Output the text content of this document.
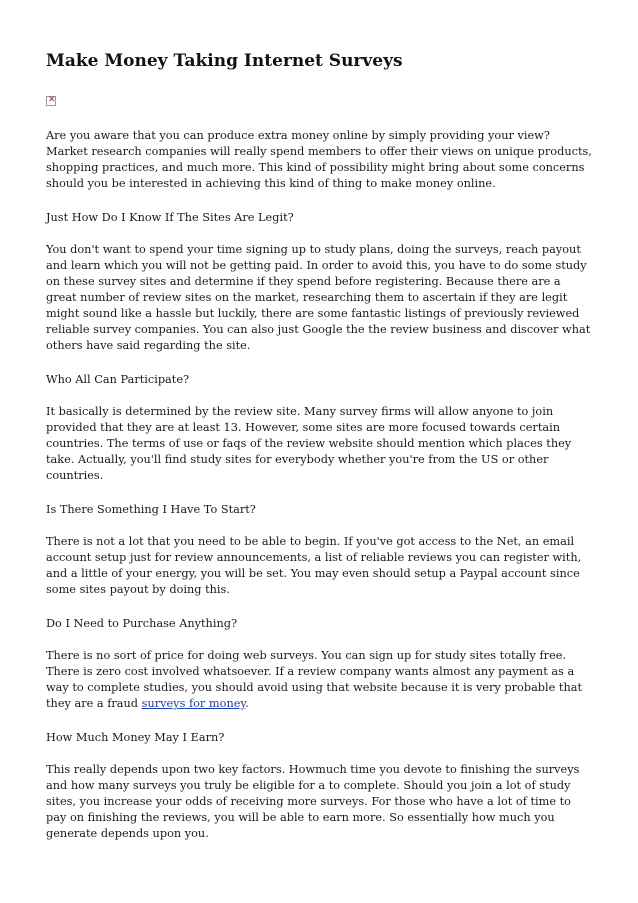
Make Money Taking Internet Surveys
✕

Are you aware that you can produce extra money online by simply providing your view? Market research companies will really spend members to offer their views on unique products, shopping practices, and much more. This kind of possibility might bring about some concerns should you be interested in achieving this kind of thing to make money online.

Just How Do I Know If The Sites Are Legit?

You don't want to spend your time signing up to study plans, doing the surveys, reach payout and learn which you will not be getting paid. In order to avoid this, you have to do some study on these survey sites and determine if they spend before registering. Because there are a great number of review sites on the market, researching them to ascertain if they are legit might sound like a hassle but luckily, there are some fantastic listings of previously reviewed reliable survey companies. You can also just Google the the review business and discover what others have said regarding the site.

Who All Can Participate?

It basically is determined by the review site. Many survey firms will allow anyone to join provided that they are at least 13. However, some sites are more focused towards certain countries. The terms of use or faqs of the review website should mention which places they take. Actually, you'll find study sites for everybody whether you're from the US or other countries.

Is There Something I Have To Start?

There is not a lot that you need to be able to begin. If you've got access to the Net, an email account setup just for review announcements, a list of reliable reviews you can register with, and a little of your energy, you will be set. You may even should setup a Paypal account since some sites payout by doing this.

Do I Need to Purchase Anything?

There is no sort of price for doing web surveys. You can sign up for study sites totally free. There is zero cost involved whatsoever. If a review company wants almost any payment as a way to complete studies, you should avoid using that website because it is very probable that they are a fraud surveys for money.

How Much Money May I Earn?

This really depends upon two key factors. Howmuch time you devote to finishing the surveys and how many surveys you truly be eligible for a to complete. Should you join a lot of study sites, you increase your odds of receiving more surveys. For those who have a lot of time to pay on finishing the reviews, you will be able to earn more. So essentially how much you generate depends upon you.
